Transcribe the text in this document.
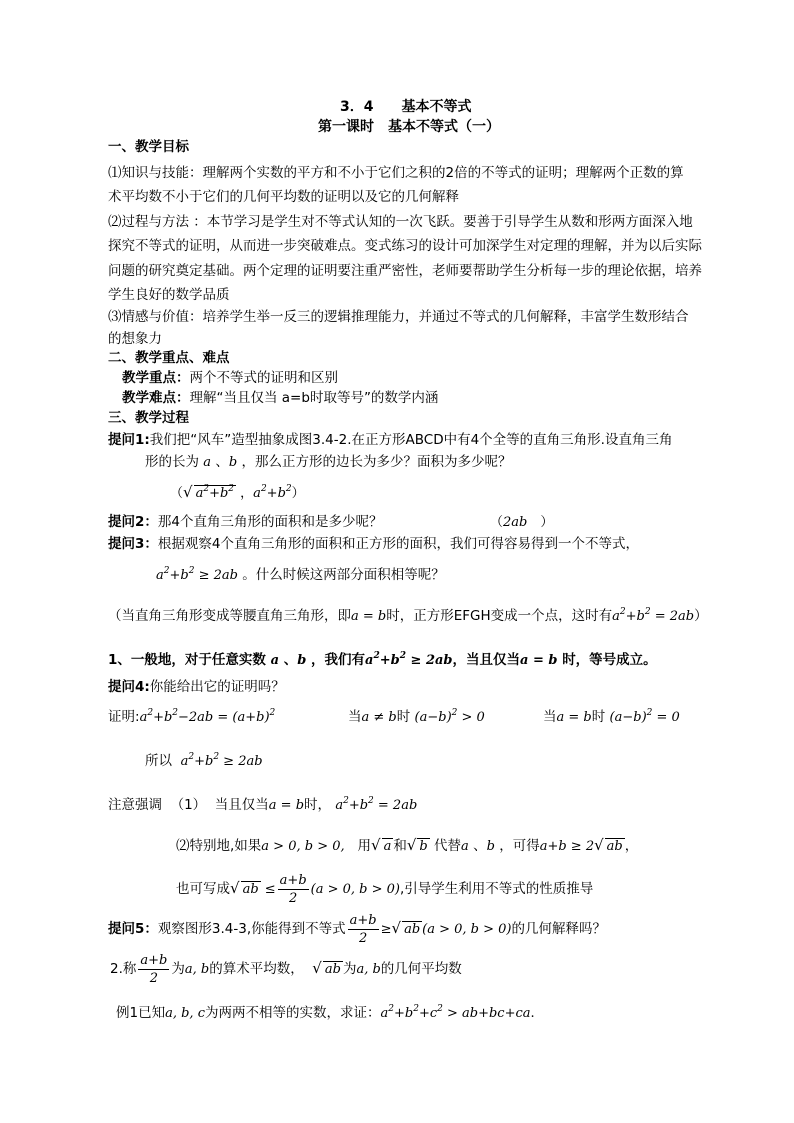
3．4　　基本不等式
第一课时　基本不等式（一）
一、教学目标
⑴知识与技能：理解两个实数的平方和不小于它们之积的2倍的不等式的证明；理解两个正数的算
术平均数不小于它们的几何平均数的证明以及它的几何解释
⑵过程与方法 ：本节学习是学生对不等式认知的一次飞跃。要善于引导学生从数和形两方面深入地
探究不等式的证明，从而进一步突破难点。变式练习的设计可加深学生对定理的理解，并为以后实际
问题的研究奠定基础。两个定理的证明要注重严密性，老师要帮助学生分析每一步的理论依据，培养
学生良好的数学品质
⑶情感与价值：培养学生举一反三的逻辑推理能力，并通过不等式的几何解释，丰富学生数形结合
的想象力
二、教学重点、难点
教学重点：两个不等式的证明和区别
教学难点：理解“当且仅当 a=b时取等号”的数学内涵
三、教学过程
提问1:我们把“风车”造型抽象成图3.4-2.在正方形ABCD中有4个全等的直角三角形.设直角三角
形的长为 a 、b ，那么正方形的边长为多少？面积为多少呢？
（√ $a^2+b^2$ ，$a^2+b^2$）
提问2：那4个直角三角形的面积和是多少呢？	（2ab　）
提问3：根据观察4个直角三角形的面积和正方形的面积，我们可得容易得到一个不等式，
$a^2+b^2 \ge 2ab$ 。什么时候这两部分面积相等呢？
（当直角三角形变成等腰直角三角形，即a = b时，正方形EFGH变成一个点，这时有$a^2+b^2 = 2ab$）
1、一般地，对于任意实数 a 、b ，我们有$a^2+b^2 \ge 2ab$，当且仅当a = b 时，等号成立。
提问4:你能给出它的证明吗？
证明$:a^2+b^2-2ab = (a+b)^2$	当a ≠ b时 $(a-b)^2 > 0$	当a = b时 $(a-b)^2 = 0$
所以 $a^2+b^2 \ge 2ab$
注意强调 （1） 当且仅当a = b时， $a^2+b^2 = 2ab$
⑵特别地,如果a > 0, b > 0, 用√ a 和√ b 代替a 、b ，可得a+b ≥ 2√ ab ，
也可写成√ ab ≤ $\frac{a+b}{2} (a > 0$, b > 0),引导学生利用不等式的性质推导
提问5：观察图形3.4-3,你能得到不等式 $\frac{a+b}{2}$ ≥√ ab (a > 0, b > 0)的几何解释吗？
2.称 $\frac{a+b}{2}$ 为a, b的算术平均数， √ ab 为a, b的几何平均数
例1已知a, b, c为两两不相等的实数，求证：$a^2+b^2+c^2 > ab+bc+ca$.
